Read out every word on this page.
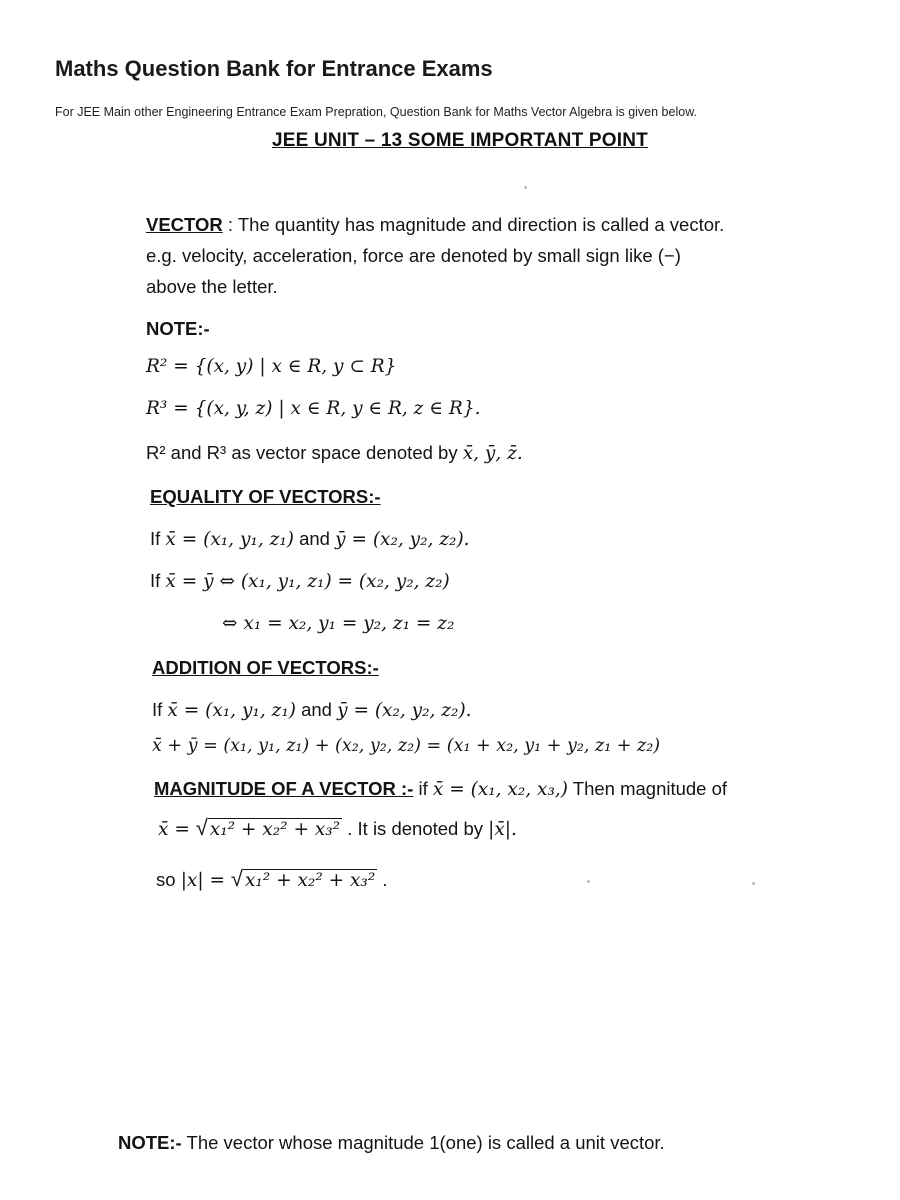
Maths Question Bank for Entrance Exams

For JEE Main other Engineering Entrance Exam Prepration, Question Bank for Maths Vector Algebra is given below.

JEE UNIT – 13 SOME IMPORTANT POINT
VECTOR : The quantity has magnitude and direction is called a vector.
e.g. velocity, acceleration, force are denoted by small sign like (−)
above the letter.
NOTE:-
R² = {(x, y) | x ∈ R, y ⊂ R}
R³ = {(x, y, z) | x ∈ R, y ∈ R, z ∈ R}.
R² and R³ as vector space denoted by x̄, ȳ, z̄.
EQUALITY OF VECTORS:-
If x̄ = (x₁, y₁, z₁) and ȳ = (x₂, y₂, z₂).
If x̄ = ȳ ⇔ (x₁, y₁, z₁) = (x₂, y₂, z₂)
⇔ x₁ = x₂, y₁ = y₂, z₁ = z₂
ADDITION OF VECTORS:-
If x̄ = (x₁, y₁, z₁) and ȳ = (x₂, y₂, z₂).
x̄ + ȳ = (x₁, y₁, z₁) + (x₂, y₂, z₂) = (x₁ + x₂, y₁ + y₂, z₁ + z₂)
MAGNITUDE OF A VECTOR :- if x̄ = (x₁, x₂, x₃,) Then magnitude of
x̄ = √ x₁² + x₂² + x₃² . It is denoted by |x̄|.
so |x| = √ x₁² + x₂² + x₃² .
NOTE:- The vector whose magnitude 1(one) is called a unit vector.
